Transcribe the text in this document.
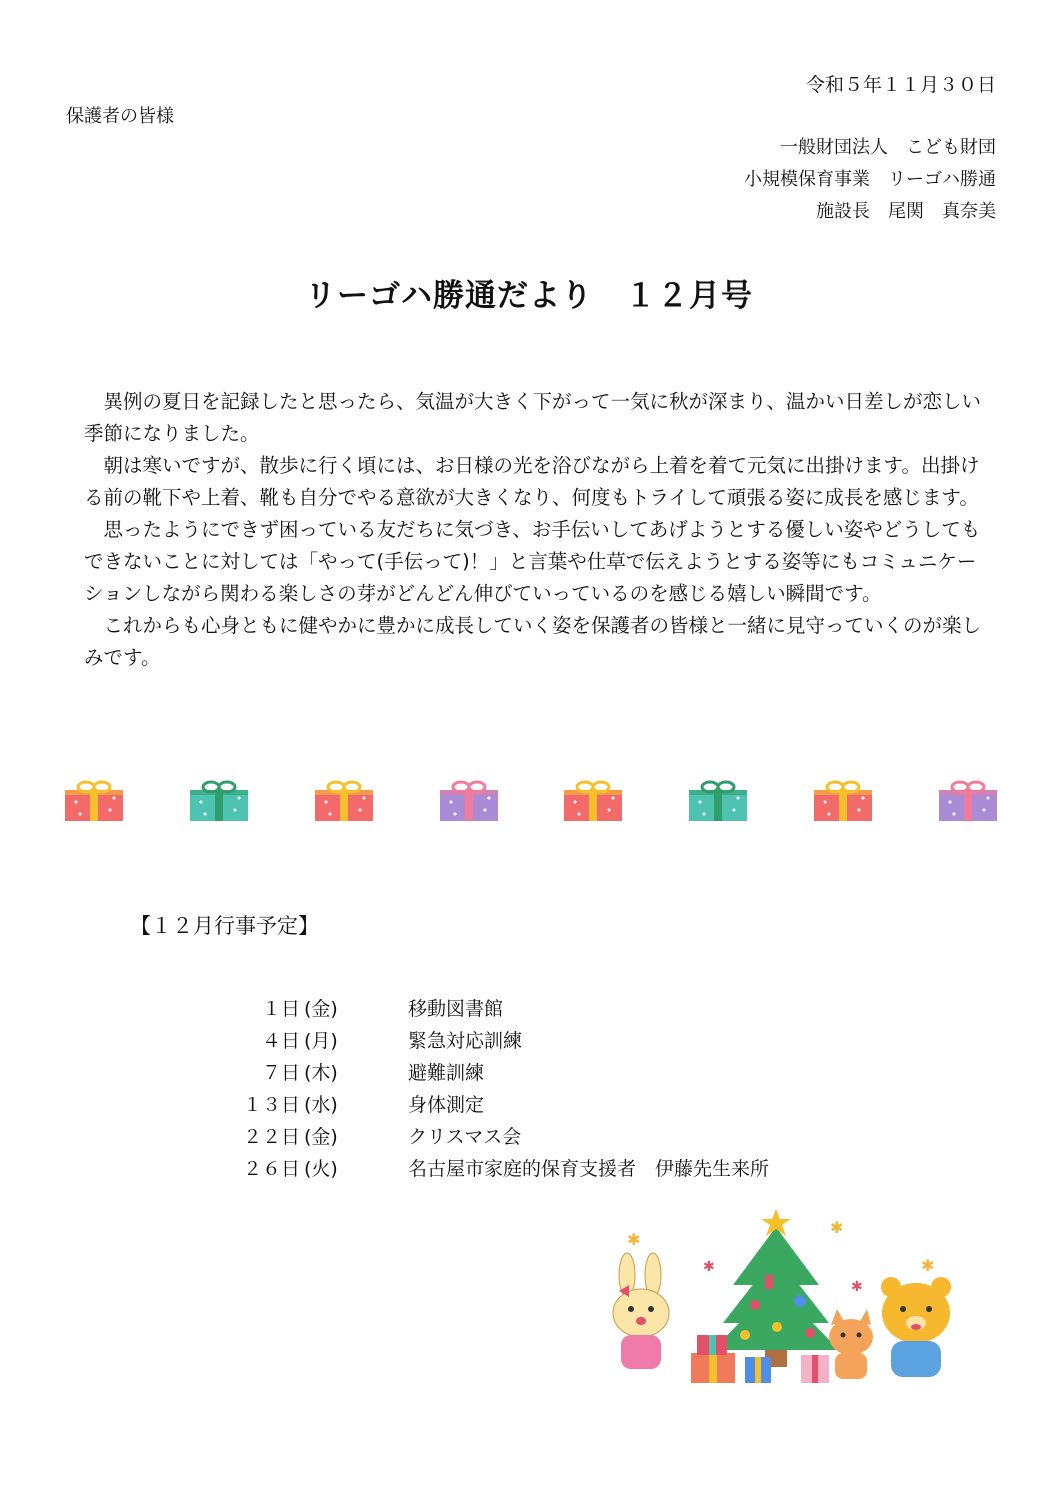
令和５年１１月３０日
保護者の皆様
一般財団法人　こども財団
小規模保育事業　リーゴハ勝通
施設長　尾関　真奈美
リーゴハ勝通だより　１２月号

異例の夏日を記録したと思ったら、気温が大きく下がって一気に秋が深まり、温かい日差しが恋しい季節になりました。

朝は寒いですが、散歩に行く頃には、お日様の光を浴びながら上着を着て元気に出掛けます。出掛ける前の靴下や上着、靴も自分でやる意欲が大きくなり、何度もトライして頑張る姿に成長を感じます。

思ったようにできず困っている友だちに気づき、お手伝いしてあげようとする優しい姿やどうしてもできないことに対しては「やって(手伝って)！」と言葉や仕草で伝えようとする姿等にもコミュニケーションしながら関わる楽しさの芽がどんどん伸びていっているのを感じる嬉しい瞬間です。

これからも心身ともに健やかに豊かに成長していく姿を保護者の皆様と一緒に見守っていくのが楽しみです。

【１２月行事予定】
１日 (金)	移動図書館
４日 (月)	緊急対応訓練
７日 (木)	避難訓練
１３日 (水)	身体測定
２２日 (金)	クリスマス会
２６日 (火)	名古屋市家庭的保育支援者　伊藤先生来所
✱
✱
✱
✱
✱
